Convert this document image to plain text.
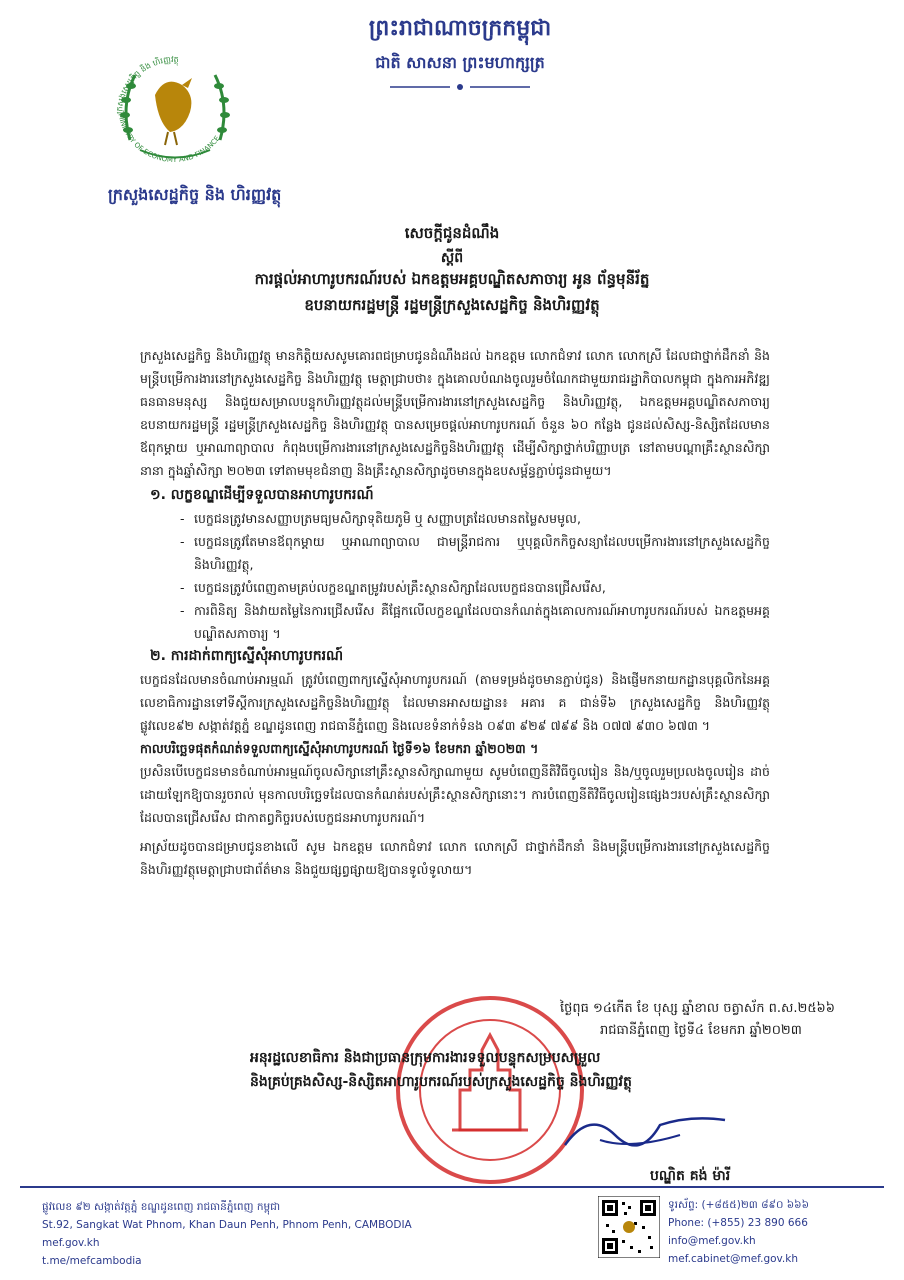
ព្រះរាជាណាចក្រកម្ពុជា
ជាតិ សាសនា ព្រះមហាក្សត្រ
ក្រសួងសេដ្ឋកិច្ច និង ហិរញ្ញវត្ថុ
MINISTRY OF ECONOMY AND FINANCE
ក្រសួងសេដ្ឋកិច្ច និង ហិរញ្ញវត្ថុ
សេចក្តីជូនដំណឹង
ស្តីពី
ការផ្តល់អាហារូបករណ៍របស់ ឯកឧត្តមអគ្គបណ្ឌិតសភាចារ្យ អូន ព័ន្ធមុនីរ័ត្ន
ឧបនាយករដ្ឋមន្ត្រី រដ្ឋមន្ត្រីក្រសួងសេដ្ឋកិច្ច និងហិរញ្ញវត្ថុ

ក្រសួងសេដ្ឋកិច្ច និងហិរញ្ញវត្ថុ មានកិត្តិយសសូមគោរពជម្រាបជូនដំណឹងដល់ ឯកឧត្តម លោកជំទាវ លោក លោកស្រី ដែលជាថ្នាក់ដឹកនាំ និងមន្ត្រីបម្រើការងារនៅក្រសួងសេដ្ឋកិច្ច និងហិរញ្ញវត្ថុ មេត្តាជ្រាបថា៖ ក្នុងគោលបំណងចូលរួមចំណែកជាមួយរាជរដ្ឋាភិបាលកម្ពុជា ក្នុងការអភិវឌ្ឍធនធានមនុស្ស និងជួយសម្រាលបន្ទុកហិរញ្ញវត្ថុដល់មន្ត្រីបម្រើការងារនៅក្រសួងសេដ្ឋកិច្ច និងហិរញ្ញវត្ថុ, ឯកឧត្តមអគ្គបណ្ឌិតសភាចារ្យ ឧបនាយករដ្ឋមន្ត្រី រដ្ឋមន្ត្រីក្រសួងសេដ្ឋកិច្ច និងហិរញ្ញវត្ថុ បានសម្រេចផ្តល់អាហារូបករណ៍ ចំនួន ៦០ កន្លែង ជូនដល់សិស្ស-និស្សិតដែលមានឪពុកម្តាយ ឬអាណាព្យាបាល កំពុងបម្រើការងារនៅក្រសួងសេដ្ឋកិច្ចនិងហិរញ្ញវត្ថុ ដើម្បីសិក្សាថ្នាក់បរិញ្ញាបត្រ នៅតាមបណ្តាគ្រឹះស្ថានសិក្សានានា ក្នុងឆ្នាំសិក្សា ២០២៣ ទៅតាមមុខជំនាញ និងគ្រឹះស្ថានសិក្សាដូចមានក្នុងឧបសម្ព័ន្ធភ្ជាប់ជូនជាមួយ។

១. លក្ខខណ្ឌដើម្បីទទួលបានអាហារូបករណ៍
- បេក្ខជនត្រូវមានសញ្ញាបត្រមធ្យមសិក្សាទុតិយភូមិ ឬ សញ្ញាបត្រដែលមានតម្លៃសមមូល,
- បេក្ខជនត្រូវតែមានឪពុកម្តាយ ឬអាណាព្យាបាល ជាមន្ត្រីរាជការ ឬបុគ្គលិកកិច្ចសន្យាដែលបម្រើការងារនៅក្រសួងសេដ្ឋកិច្ច និងហិរញ្ញវត្ថុ,
- បេក្ខជនត្រូវបំពេញតាមគ្រប់លក្ខខណ្ឌតម្រូវរបស់គ្រឹះស្ថានសិក្សាដែលបេក្ខជនបានជ្រើសរើស,
- ការពិនិត្យ និងវាយតម្លៃនៃការជ្រើសរើស គឺផ្អែកលើលក្ខខណ្ឌដែលបានកំណត់ក្នុងគោលការណ៍អាហារូបករណ៍របស់ ឯកឧត្តមអគ្គបណ្ឌិតសភាចារ្យ ។
២. ការដាក់ពាក្យស្នើសុំអាហារូបករណ៍

បេក្ខជនដែលមានចំណាប់អារម្មណ៍ ត្រូវបំពេញពាក្យស្នើសុំអាហារូបករណ៍ (តាមទម្រង់ដូចមានភ្ជាប់ជូន) និងផ្ញើមកនាយកដ្ឋានបុគ្គលិកនៃអគ្គលេខាធិការដ្ឋានទៅទីស្តីការក្រសួងសេដ្ឋកិច្ចនិងហិរញ្ញវត្ថុ ដែលមានអាសយដ្ឋាន៖ អគារ គ ជាន់ទី៦ ក្រសួងសេដ្ឋកិច្ច និងហិរញ្ញវត្ថុ ផ្លូវលេខ៩២ សង្កាត់វត្តភ្នំ ខណ្ឌដូនពេញ រាជធានីភ្នំពេញ និងលេខទំនាក់ទំនង ០៩៣ ៩២៩ ៧៩៩ និង ០៧៧ ៩៣០ ៦៧៣ ។

កាលបរិច្ឆេទផុតកំណត់ទទួលពាក្យស្នើសុំអាហារូបករណ៍ ថ្ងៃទី១៦ ខែមករា ឆ្នាំ២០២៣ ។

ប្រសិនបើបេក្ខជនមានចំណាប់អារម្មណ៍ចូលសិក្សានៅគ្រឹះស្ថានសិក្សាណាមួយ សូមបំពេញនីតិវិធីចូលរៀន និង/ឬចូលរួមប្រលងចូលរៀន ដាច់ដោយឡែកឱ្យបានរួចរាល់ មុនកាលបរិច្ឆេទដែលបានកំណត់របស់គ្រឹះស្ថានសិក្សានោះ។ ការបំពេញនីតិវិធីចូលរៀនផ្សេងៗរបស់គ្រឹះស្ថានសិក្សាដែលបានជ្រើសរើស ជាកាតព្វកិច្ចរបស់បេក្ខជនអាហារូបករណ៍។

អាស្រ័យដូចបានជម្រាបជូនខាងលើ សូម ឯកឧត្តម លោកជំទាវ លោក លោកស្រី ជាថ្នាក់ដឹកនាំ និងមន្ត្រីបម្រើការងារនៅក្រសួងសេដ្ឋកិច្ចនិងហិរញ្ញវត្ថុមេត្តាជ្រាបជាព័ត៌មាន និងជួយផ្សព្វផ្សាយឱ្យបានទូលំទូលាយ។

ថ្ងៃពុធ ១៤កើត ខែ បុស្ស ឆ្នាំខាល ចត្វាស័ក ព.ស.២៥៦៦
រាជធានីភ្នំពេញ ថ្ងៃទី៤ ខែមករា ឆ្នាំ២០២៣
អនុរដ្ឋលេខាធិការ និងជាប្រធានក្រុមការងារទទួលបន្ទុកសម្របសម្រួល
និងគ្រប់គ្រងសិស្ស-និស្សិតអាហារូបករណ៍របស់ក្រសួងសេដ្ឋកិច្ច និងហិរញ្ញវត្ថុ
បណ្ឌិត គង់ ម៉ារី
ផ្លូវលេខ ៩២ សង្កាត់វត្តភ្នំ ខណ្ឌដូនពេញ រាជធានីភ្នំពេញ កម្ពុជា
St.92, Sangkat Wat Phnom, Khan Daun Penh, Phnom Penh, CAMBODIA
mef.gov.kh
t.me/mefcambodia
ទូរស័ព្ទ: (+៨៥៥)២៣ ៨៩០ ៦៦៦
Phone: (+855) 23 890 666
info@mef.gov.kh
mef.cabinet@mef.gov.kh
